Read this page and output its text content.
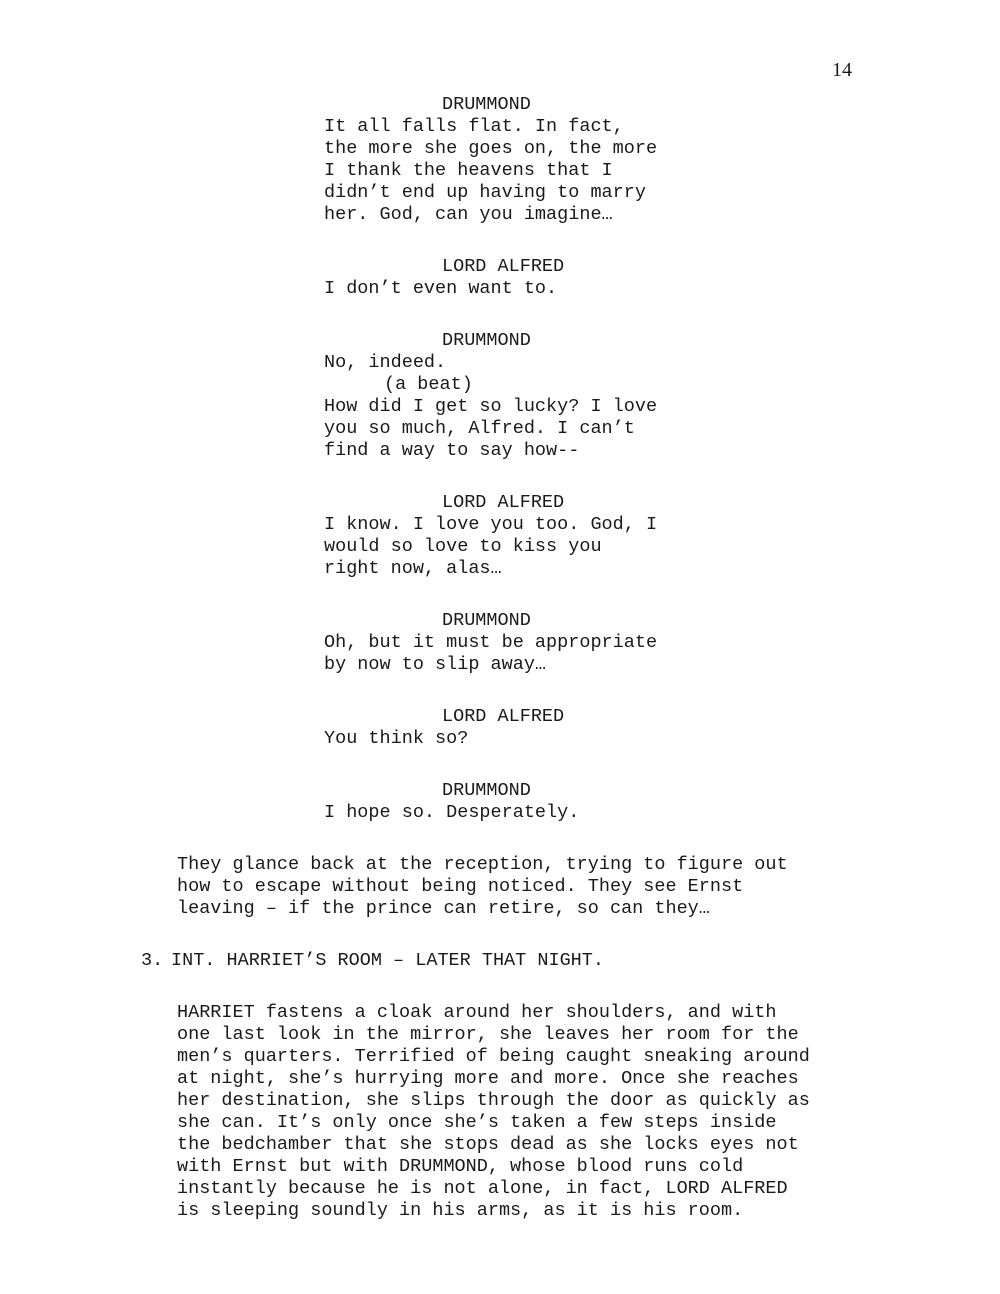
14
DRUMMOND
It all falls flat. In fact,
the more she goes on, the more
I thank the heavens that I
didn’t end up having to marry
her. God, can you imagine…
LORD ALFRED
I don’t even want to.
DRUMMOND
No, indeed.
(a beat)
How did I get so lucky? I love
you so much, Alfred. I can’t
find a way to say how--
LORD ALFRED
I know. I love you too. God, I
would so love to kiss you
right now, alas…
DRUMMOND
Oh, but it must be appropriate
by now to slip away…
LORD ALFRED
You think so?
DRUMMOND
I hope so. Desperately.
They glance back at the reception, trying to figure out
how to escape without being noticed. They see Ernst
leaving – if the prince can retire, so can they…
3. INT. HARRIET’S ROOM – LATER THAT NIGHT.
HARRIET fastens a cloak around her shoulders, and with
one last look in the mirror, she leaves her room for the
men’s quarters. Terrified of being caught sneaking around
at night, she’s hurrying more and more. Once she reaches
her destination, she slips through the door as quickly as
she can. It’s only once she’s taken a few steps inside
the bedchamber that she stops dead as she locks eyes not
with Ernst but with DRUMMOND, whose blood runs cold
instantly because he is not alone, in fact, LORD ALFRED
is sleeping soundly in his arms, as it is his room.
